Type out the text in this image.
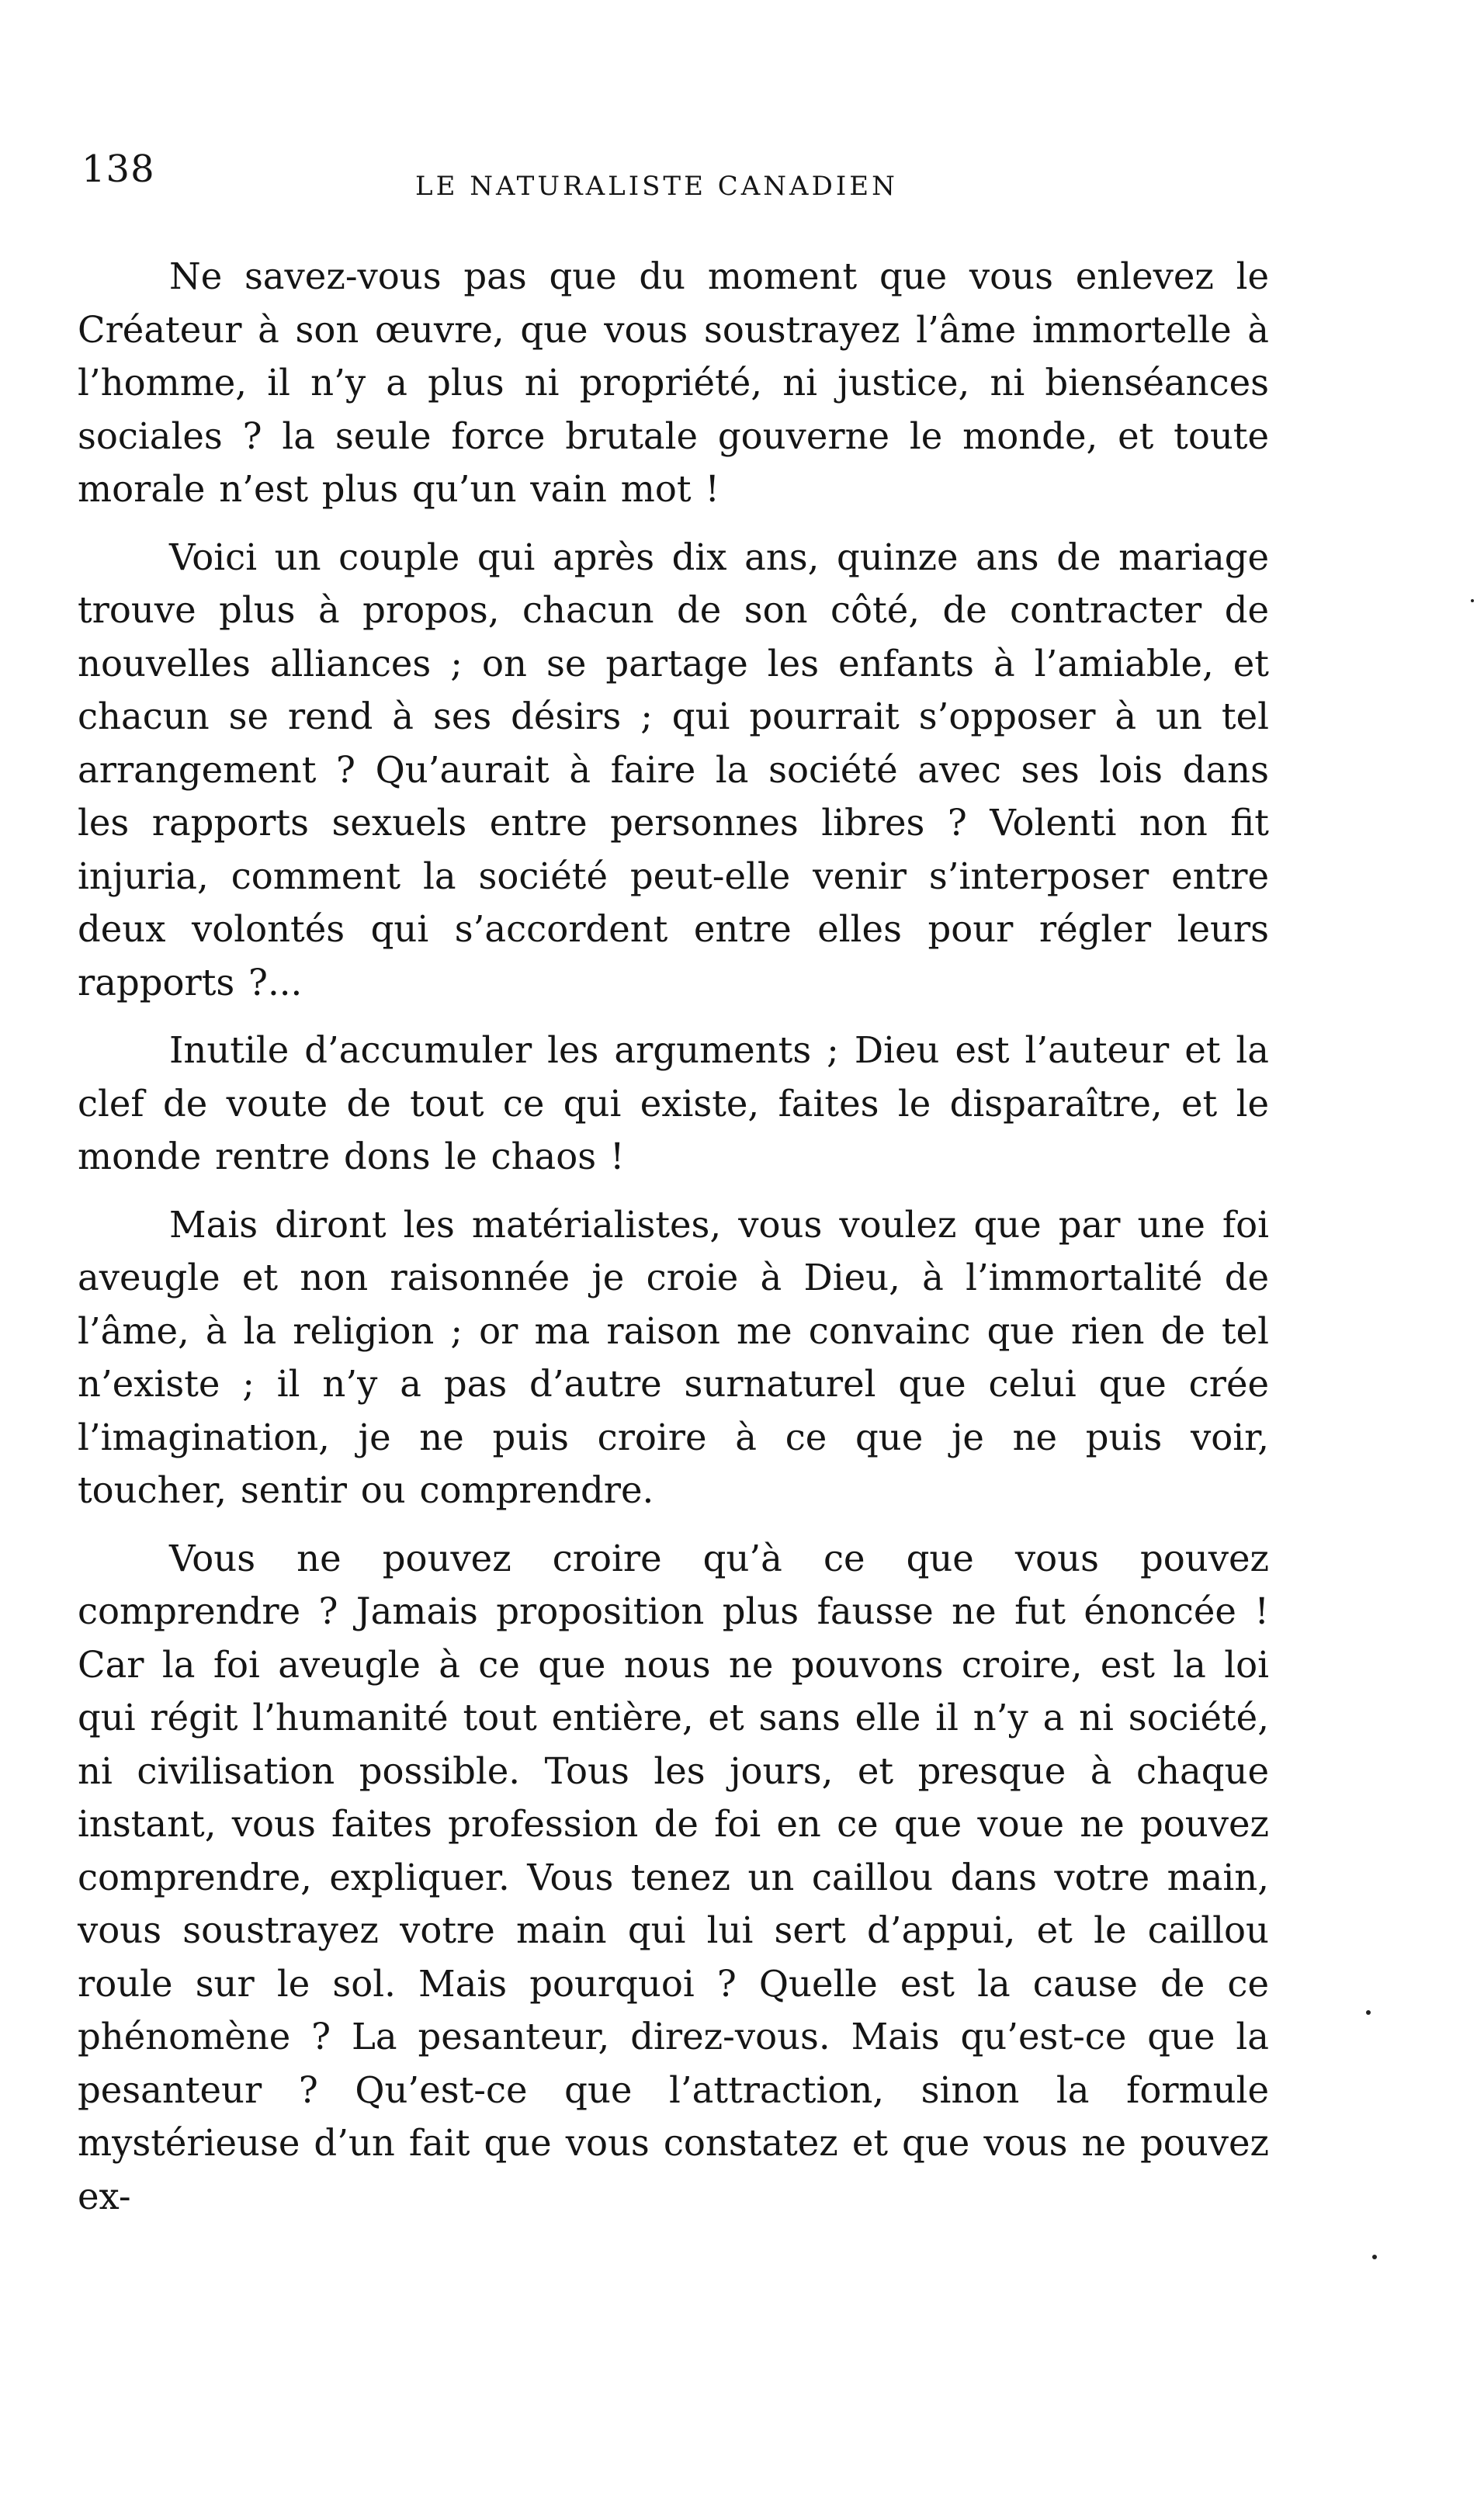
138	LE NATURALISTE CANADIEN

Ne savez-vous pas que du moment que vous enlevez le Créateur à son œuvre, que vous soustrayez l’âme immortelle à l’homme, il n’y a plus ni propriété, ni justice, ni bienséances sociales ? la seule force brutale gouverne le monde, et toute morale n’est plus qu’un vain mot !

Voici un couple qui après dix ans, quinze ans de mariage trouve plus à propos, chacun de son côté, de contracter de nouvelles alliances ; on se partage les enfants à l’amiable, et chacun se rend à ses désirs ; qui pourrait s’opposer à un tel arrangement ? Qu’aurait à faire la société avec ses lois dans les rapports sexuels entre personnes libres ? Volenti non fit injuria, comment la société peut-elle venir s’interposer entre deux volontés qui s’accordent entre elles pour régler leurs rapports ?...

Inutile d’accumuler les arguments ; Dieu est l’auteur et la clef de voute de tout ce qui existe, faites le disparaître, et le monde rentre dons le chaos !

Mais diront les matérialistes, vous voulez que par une foi aveugle et non raisonnée je croie à Dieu, à l’immortalité de l’âme, à la religion ; or ma raison me convainc que rien de tel n’existe ; il n’y a pas d’autre surnaturel que celui que crée l’imagination, je ne puis croire à ce que je ne puis voir, toucher, sentir ou comprendre.

Vous ne pouvez croire qu’à ce que vous pouvez comprendre ? Jamais proposition plus fausse ne fut énoncée ! Car la foi aveugle à ce que nous ne pouvons croire, est la loi qui régit l’humanité tout entière, et sans elle il n’y a ni société, ni civilisation possible. Tous les jours, et presque à chaque instant, vous faites profession de foi en ce que voue ne pouvez comprendre, expliquer. Vous tenez un caillou dans votre main, vous soustrayez votre main qui lui sert d’appui, et le caillou roule sur le sol. Mais pourquoi ? Quelle est la cause de ce phénomène ? La pesanteur, direz-vous. Mais qu’est-ce que la pesanteur ? Qu’est-ce que l’attraction, sinon la formule mystérieuse d’un fait que vous constatez et que vous ne pouvez ex-
